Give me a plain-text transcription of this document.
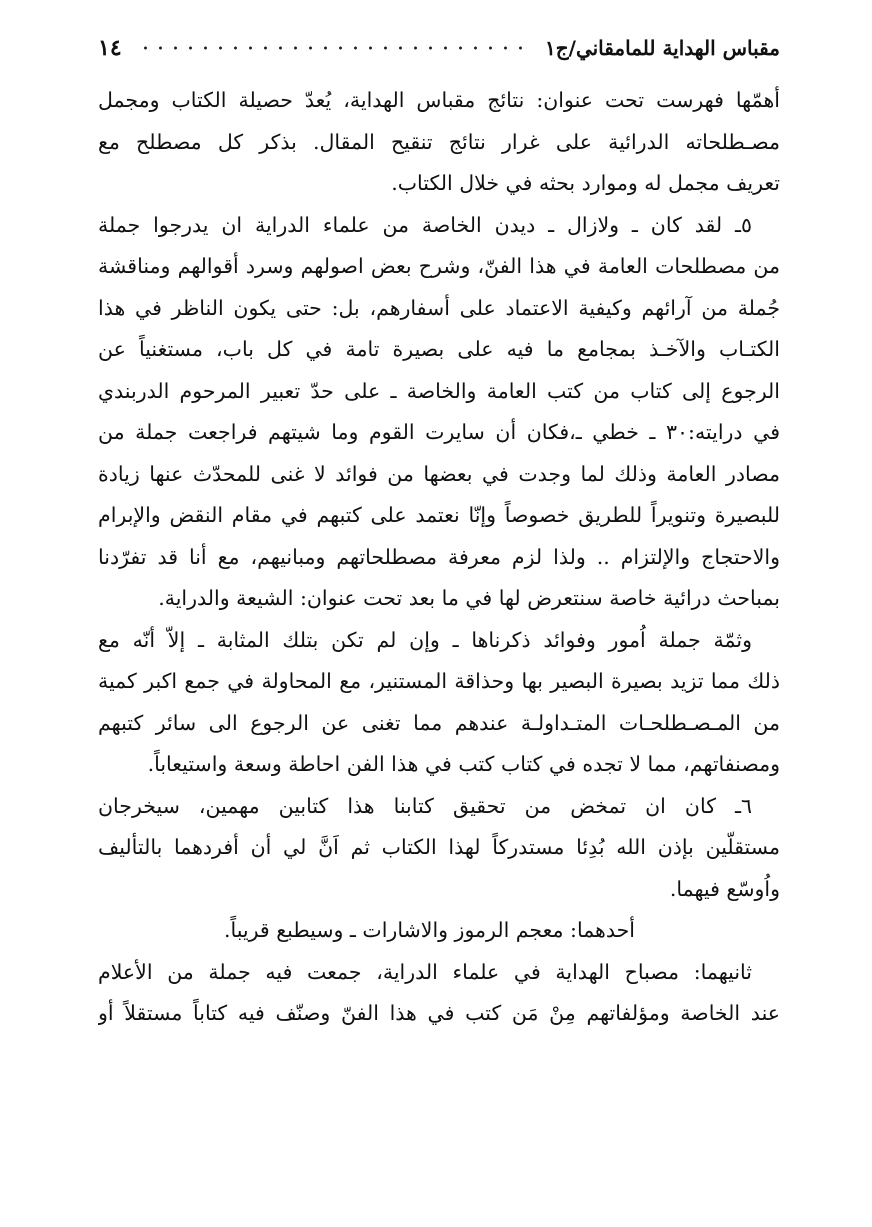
١٤	مقباس الهداية للمامقاني/ج١
أهمّها فهرست تحت عنوان: نتائج مقباس الهداية، يُعدّ حصيلة الكتاب ومجمل
مصـطلحاته الدرائية على غرار نتائج تنقيح المقال. بذكر كل مصطلح مع
تعريف مجمل له وموارد بحثه في خلال الكتاب.
٥ـ لقد كان ـ ولازال ـ ديدن الخاصة من علماء الدراية ان يدرجوا جملة
من مصطلحات العامة في هذا الفنّ، وشرح بعض اصولهم وسرد أقوالهم ومناقشة
جُملة من آرائهم وكيفية الاعتماد على أسفارهم، بل: حتى يكون الناظر في هذا
الكتـاب والآخـذ بمجامع ما فيه على بصيرة تامة في كل باب، مستغنياً عن
الرجوع إلى كتاب من كتب العامة والخاصة ـ على حدّ تعبير المرحوم الدربندي
في درايته:٣٠ ـ خطي ـ،فكان أن سايرت القوم وما شيتهم فراجعت جملة من
مصادر العامة وذلك لما وجدت في بعضها من فوائد لا غنى للمحدّث عنها زيادة
للبصيرة وتنويراً للطريق خصوصاً وإنّا نعتمد على كتبهم في مقام النقض والإبرام
والاحتجاج والإلتزام .. ولذا لزم معرفة مصطلحاتهم ومبانيهم، مع أنا قد تفرّدنا
بمباحث درائية خاصة سنتعرض لها في ما بعد تحت عنوان: الشيعة والدراية.
وثمّة جملة اُمور وفوائد ذكرناها ـ وإن لم تكن بتلك المثابة ـ إلاّ أنّه مع
ذلك مما تزيد بصيرة البصير بها وحذاقة المستنير، مع المحاولة في جمع اكبر كمية
من المـصـطلحـات المتـداولـة عندهم مما تغنى عن الرجوع الى سائر كتبهم
ومصنفاتهم، مما لا تجده في كتاب كتب في هذا الفن احاطة وسعة واستيعاباً.
٦ـ كان ان تمخض من تحقيق كتابنا هذا كتابين مهمين، سيخرجان
مستقلّين بإذن الله بُدِئا مستدركاً لهذا الكتاب ثم اَنَّ لي أن أفردهما بالتأليف
واُوسّع فيهما.
أحدهما: معجم الرموز والاشارات ـ وسيطبع قريباً.
ثانيهما: مصباح الهداية في علماء الدراية، جمعت فيه جملة من الأعلام
عند الخاصة ومؤلفاتهم مِنْ مَن كتب في هذا الفنّ وصنّف فيه كتاباً مستقلاً أو
